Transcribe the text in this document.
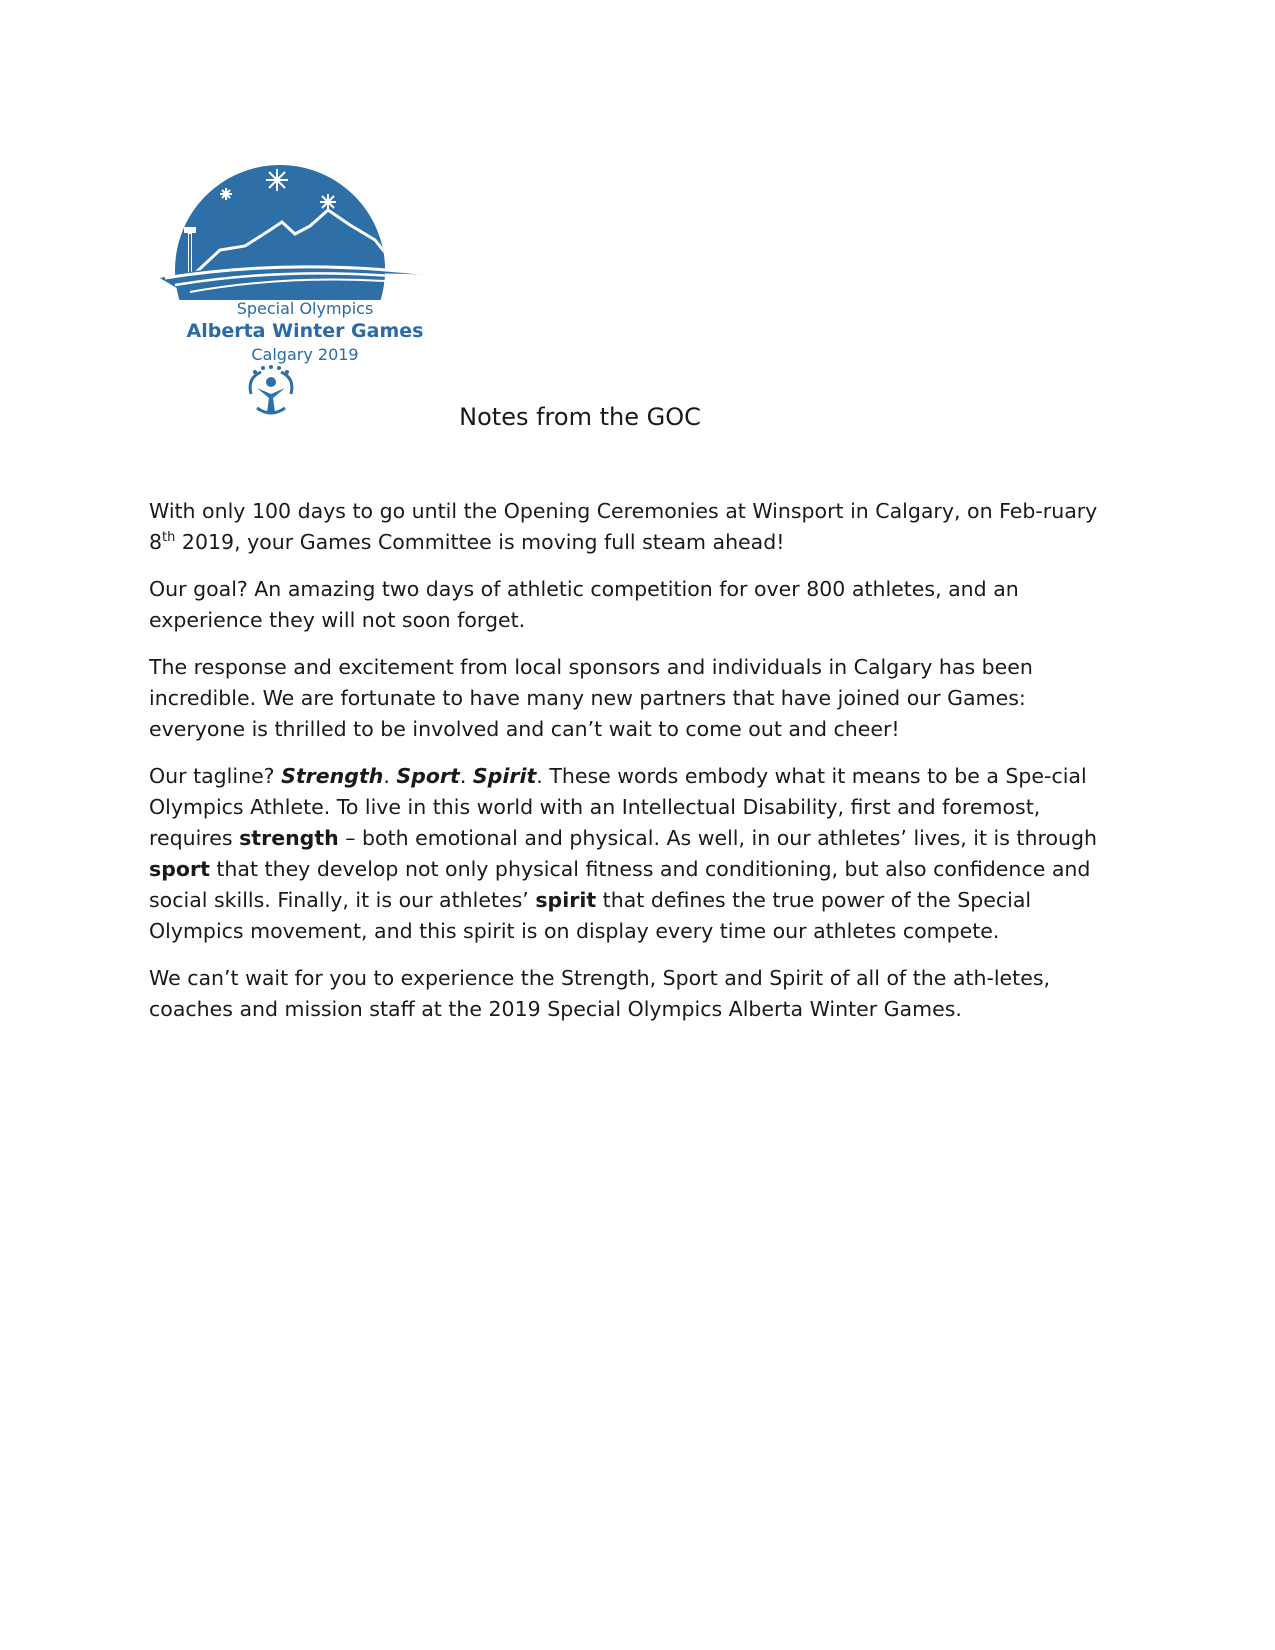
Special Olympics
Alberta Winter Games
Calgary 2019
Notes from the GOC

With only 100 days to go until the Opening Ceremonies at Winsport in Calgary, on Feb-ruary 8th 2019, your Games Committee is moving full steam ahead!

Our goal? An amazing two days of athletic competition for over 800 athletes, and an experience they will not soon forget.

The response and excitement from local sponsors and individuals in Calgary has been incredible. We are fortunate to have many new partners that have joined our Games: everyone is thrilled to be involved and can’t wait to come out and cheer!

Our tagline? Strength. Sport. Spirit. These words embody what it means to be a Spe-cial Olympics Athlete. To live in this world with an Intellectual Disability, first and foremost, requires strength – both emotional and physical. As well, in our athletes’ lives, it is through sport that they develop not only physical fitness and conditioning, but also confidence and social skills. Finally, it is our athletes’ spirit that defines the true power of the Special Olympics movement, and this spirit is on display every time our athletes compete.

We can’t wait for you to experience the Strength, Sport and Spirit of all of the ath-letes, coaches and mission staff at the 2019 Special Olympics Alberta Winter Games.
